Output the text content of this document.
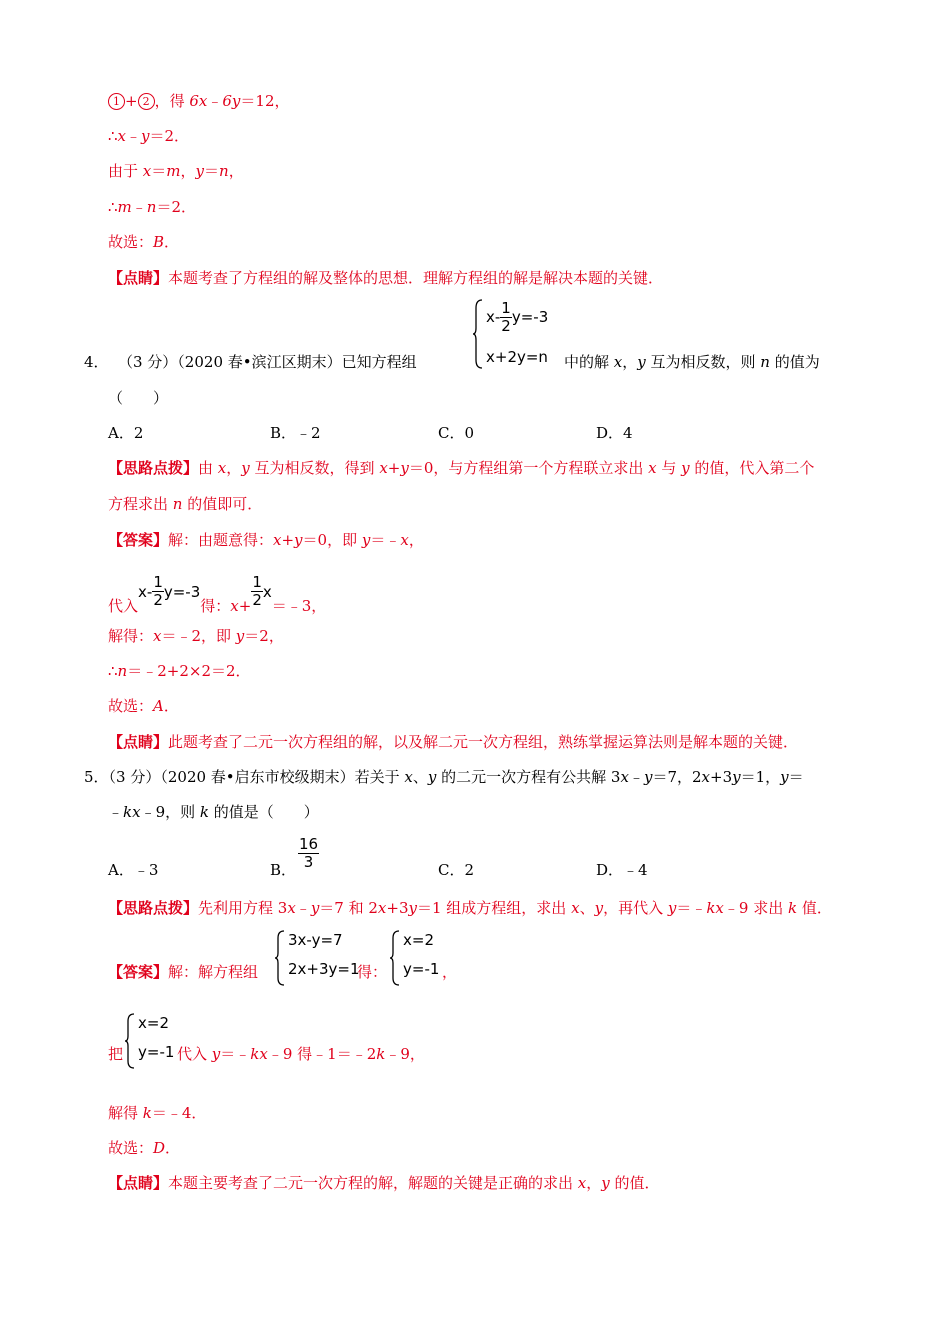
1 + 2 ，得 6x﹣6y＝12，
∴x﹣y＝2．
由于 x＝m，y＝n，
∴m﹣n＝2．
故选：B．
【点睛】本题考查了方程组的解及整体的思想．理解方程组的解是解决本题的关键．
$x- \frac{1}{2} y=-3$
x+2y=n
4． （3 分）（2020 春•滨江区期末）已知方程组	中的解 x，y 互为相反数，则 n 的值为
（　　）
A．2	B．﹣2	C．0	D．4
【思路点拨】由 x，y 互为相反数，得到 x+y＝0，与方程组第一个方程联立求出 x 与 y 的值，代入第二个
方程求出 n 的值即可．
【答案】解：由题意得：x+y＝0，即 y＝﹣x，
代入$x- \frac{1}{2} y=-3$得：$x+ \frac{1}{2}$ x＝﹣3，
解得：x＝﹣2，即 y＝2，
∴n＝﹣2+2×2＝2．
故选：A．
【点睛】此题考查了二元一次方程组的解，以及解二元一次方程组，熟练掌握运算法则是解本题的关键．
5．（3 分）（2020 春•启东市校级期末）若关于 x、y 的二元一次方程有公共解 3x﹣y＝7，2x+3y＝1，y＝
﹣kx﹣9，则 k 的值是（　　）
A．﹣3	B． $\frac{16}{3}$	C．2	D．﹣4
【思路点拨】先利用方程 3x﹣y＝7 和 2x+3y＝1 组成方程组，求出 x、y，再代入 y＝﹣kx﹣9 求出 k 值．
【答案】解：解方程组
3x-y=7
2x+3y=1
得：
x=2
y=-1 ，
把
x=2
y=-1 代入 y＝﹣kx﹣9 得﹣1＝﹣2k﹣9，
解得 k＝﹣4．
故选：D．
【点睛】本题主要考查了二元一次方程的解，解题的关键是正确的求出 x，y 的值．
